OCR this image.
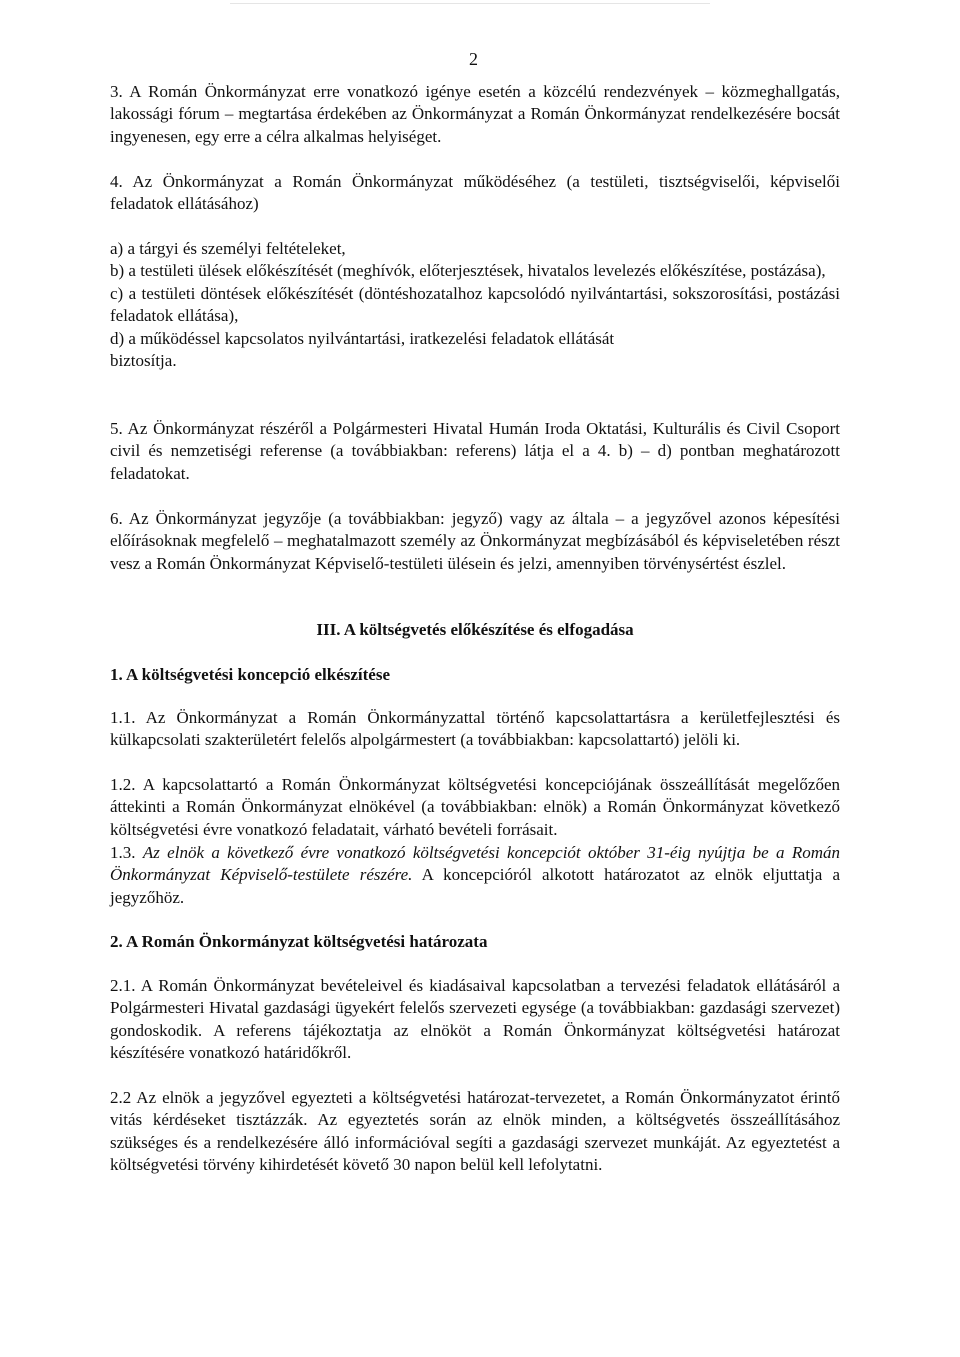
2

3. A Román Önkormányzat erre vonatkozó igénye esetén a közcélú rendezvények – közmeghallgatás, lakossági fórum – megtartása érdekében az Önkormányzat a Román Önkormányzat rendelkezésére bocsát ingyenesen, egy erre a célra alkalmas helyiséget.

4. Az Önkormányzat a Román Önkormányzat működéséhez (a testületi, tisztségviselői, képviselői feladatok ellátásához)

a) a tárgyi és személyi feltételeket,
b) a testületi ülések előkészítését (meghívók, előterjesztések, hivatalos levelezés előkészítése, postázása),
c) a testületi döntések előkészítését (döntéshozatalhoz kapcsolódó nyilvántartási, sokszorosítási, postázási feladatok ellátása),
d) a működéssel kapcsolatos nyilvántartási, iratkezelési feladatok ellátását
biztosítja.

5. Az Önkormányzat részéről a Polgármesteri Hivatal Humán Iroda Oktatási, Kulturális és Civil Csoport civil és nemzetiségi referense (a továbbiakban: referens) látja el a 4. b) – d) pontban meghatározott feladatokat.

6. Az Önkormányzat jegyzője (a továbbiakban: jegyző) vagy az általa – a jegyzővel azonos képesítési előírásoknak megfelelő – meghatalmazott személy az Önkormányzat megbízásából és képviseletében részt vesz a Román Önkormányzat Képviselő-testületi ülésein és jelzi, amennyiben törvénysértést észlel.

III. A költségvetés előkészítése és elfogadása
1. A költségvetési koncepció elkészítése

1.1. Az Önkormányzat a Román Önkormányzattal történő kapcsolattartásra a kerületfejlesztési és külkapcsolati szakterületért felelős alpolgármestert (a továbbiakban: kapcsolattartó) jelöli ki.

1.2. A kapcsolattartó a Román Önkormányzat költségvetési koncepciójának összeállítását megelőzően áttekinti a Román Önkormányzat elnökével (a továbbiakban: elnök) a Román Önkormányzat következő költségvetési évre vonatkozó feladatait, várható bevételi forrásait.

1.3. Az elnök a következő évre vonatkozó költségvetési koncepciót október 31-éig nyújtja be a Román Önkormányzat Képviselő-testülete részére. A koncepcióról alkotott határozatot az elnök eljuttatja a jegyzőhöz.

2. A Román Önkormányzat költségvetési határozata

2.1. A Román Önkormányzat bevételeivel és kiadásaival kapcsolatban a tervezési feladatok ellátásáról a Polgármesteri Hivatal gazdasági ügyekért felelős szervezeti egysége (a továbbiakban: gazdasági szervezet) gondoskodik. A referens tájékoztatja az elnököt a Román Önkormányzat költségvetési határozat készítésére vonatkozó határidőkről.

2.2 Az elnök a jegyzővel egyezteti a költségvetési határozat-tervezetet, a Román Önkormányzatot érintő vitás kérdéseket tisztázzák. Az egyeztetés során az elnök minden, a költségvetés összeállításához szükséges és a rendelkezésére álló információval segíti a gazdasági szervezet munkáját. Az egyeztetést a költségvetési törvény kihirdetését követő 30 napon belül kell lefolytatni.
